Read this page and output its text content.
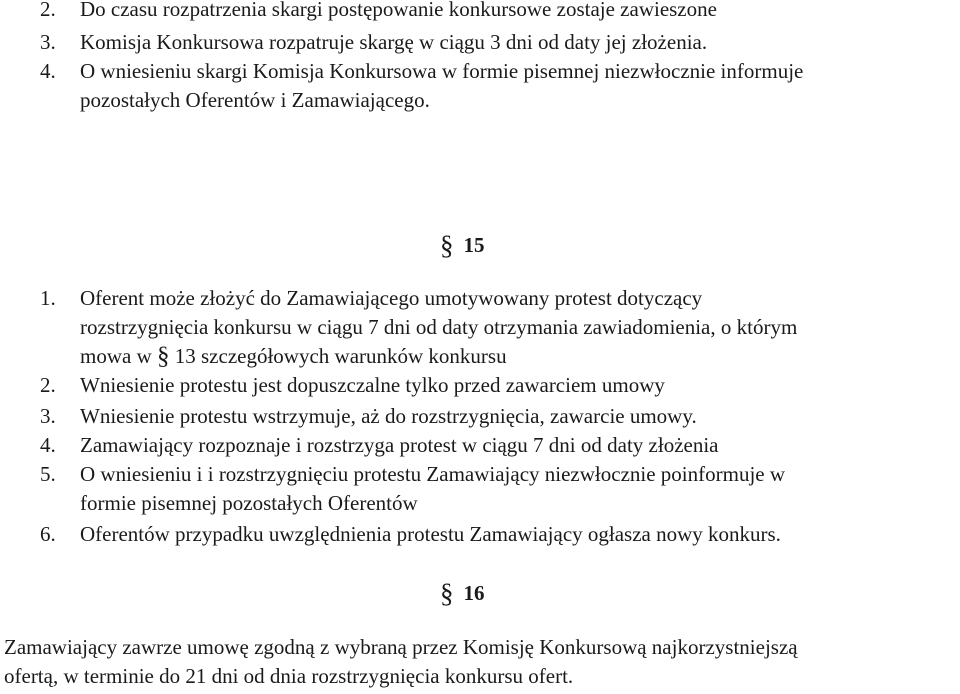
2. Do czasu rozpatrzenia skargi postępowanie konkursowe zostaje zawieszone
3. Komisja Konkursowa rozpatruje skargę w ciągu 3 dni od daty jej złożenia.
4. O wniesieniu skargi Komisja Konkursowa w formie pisemnej niezwłocznie informuje
pozostałych Oferentów i Zamawiającego.
§ 15
1. Oferent może złożyć do Zamawiającego umotywowany protest dotyczący
rozstrzygnięcia konkursu w ciągu 7 dni od daty otrzymania zawiadomienia, o którym
mowa w § 13 szczegółowych warunków konkursu
2. Wniesienie protestu jest dopuszczalne tylko przed zawarciem umowy
3. Wniesienie protestu wstrzymuje, aż do rozstrzygnięcia, zawarcie umowy.
4. Zamawiający rozpoznaje i rozstrzyga protest w ciągu 7 dni od daty złożenia
5. O wniesieniu i i rozstrzygnięciu protestu Zamawiający niezwłocznie poinformuje w
formie pisemnej pozostałych Oferentów
6. Oferentów przypadku uwzględnienia protestu Zamawiający ogłasza nowy konkurs.
§ 16
Zamawiający zawrze umowę zgodną z wybraną przez Komisję Konkursową najkorzystniejszą
ofertą, w terminie do 21 dni od dnia rozstrzygnięcia konkursu ofert.
